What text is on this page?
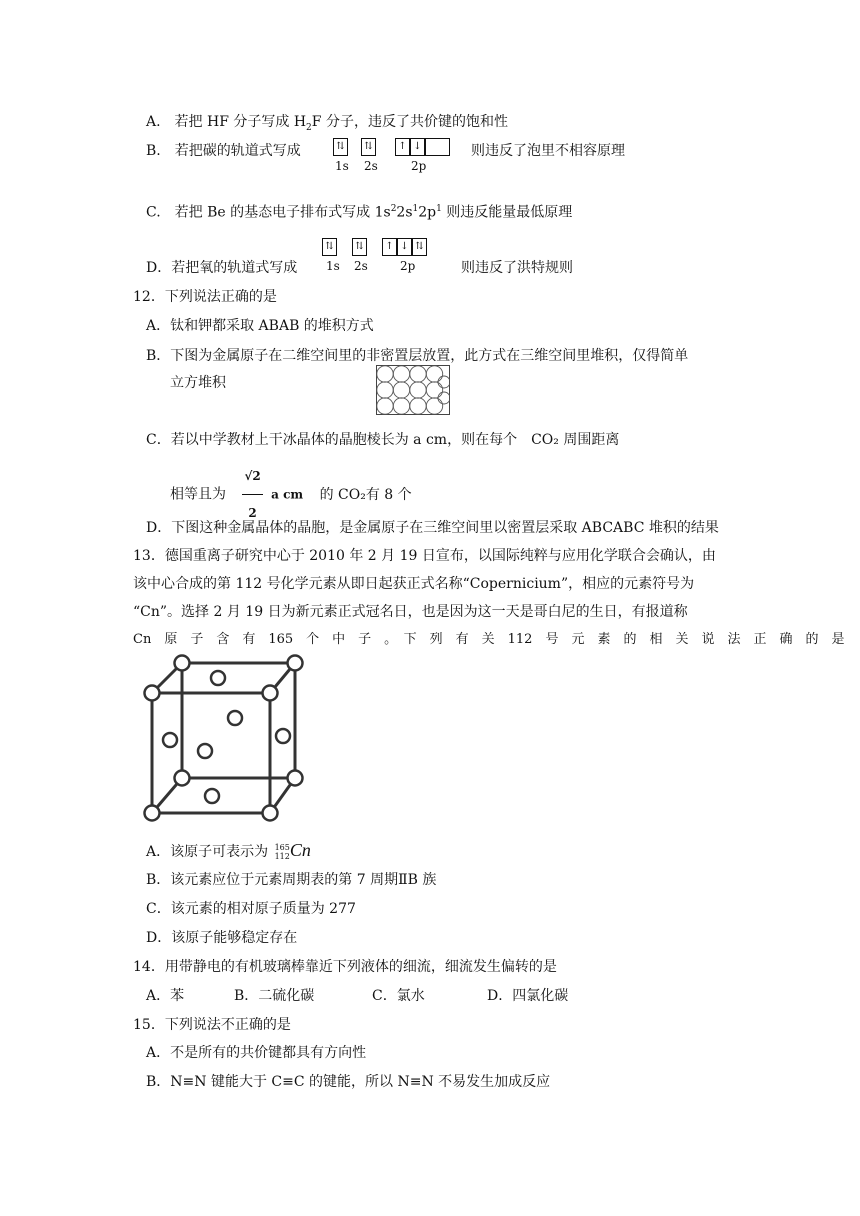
A.　若把 HF 分子写成 $H_2F$ 分子，违反了共价键的饱和性
B.　若把碳的轨道式写成	⇅	⇅	↑ ↓
1s 2s	2p
则违反了泡里不相容原理
C.　若把 Be 的基态电子排布式写成 $1s^22s^12p^1$ 则违反能量最低原理
D．若把氧的轨道式写成
⇅	⇅	↑ ↓ ⇅
1s 2s	2p	则违反了洪特规则
12．下列说法正确的是
A．钛和钾都采取 ABAB 的堆积方式
B．下图为金属原子在二维空间里的非密置层放置，此方式在三维空间里堆积，仅得简单
立方堆积
C．若以中学教材上干冰晶体的晶胞棱长为 a cm，则在每个　CO₂ 周围距离
相等且为 $\frac{√2}{2}$ a cm 的 CO₂有 8 个
D．下图这种金属晶体的晶胞，是金属原子在三维空间里以密置层采取 ABCABC 堆积的结果
13．德国重离子研究中心于 2010 年 2 月 19 日宣布，以国际纯粹与应用化学联合会确认，由
该中心合成的第 112 号化学元素从即日起获正式名称“Copernicium”，相应的元素符号为
“Cn”。选择 2 月 19 日为新元素正式冠名日，也是因为这一天是哥白尼的生日，有报道称
Cn　原　子　含　有　165　个　中　子　。　下　列　有　关　112　号　元　素　的　相　关　说　法　正　确　的　是
A．该原子可表示为 165
112 Cn
B．该元素应位于元素周期表的第 7 周期ⅡB 族
C．该元素的相对原子质量为 277
D．该原子能够稳定存在
14．用带静电的有机玻璃棒靠近下列液体的细流，细流发生偏转的是
A．苯	B．二硫化碳	C．氯水	D．四氯化碳
15．下列说法不正确的是
A．不是所有的共价键都具有方向性
B．N≡N 键能大于 C≡C 的键能，所以 N≡N 不易发生加成反应
